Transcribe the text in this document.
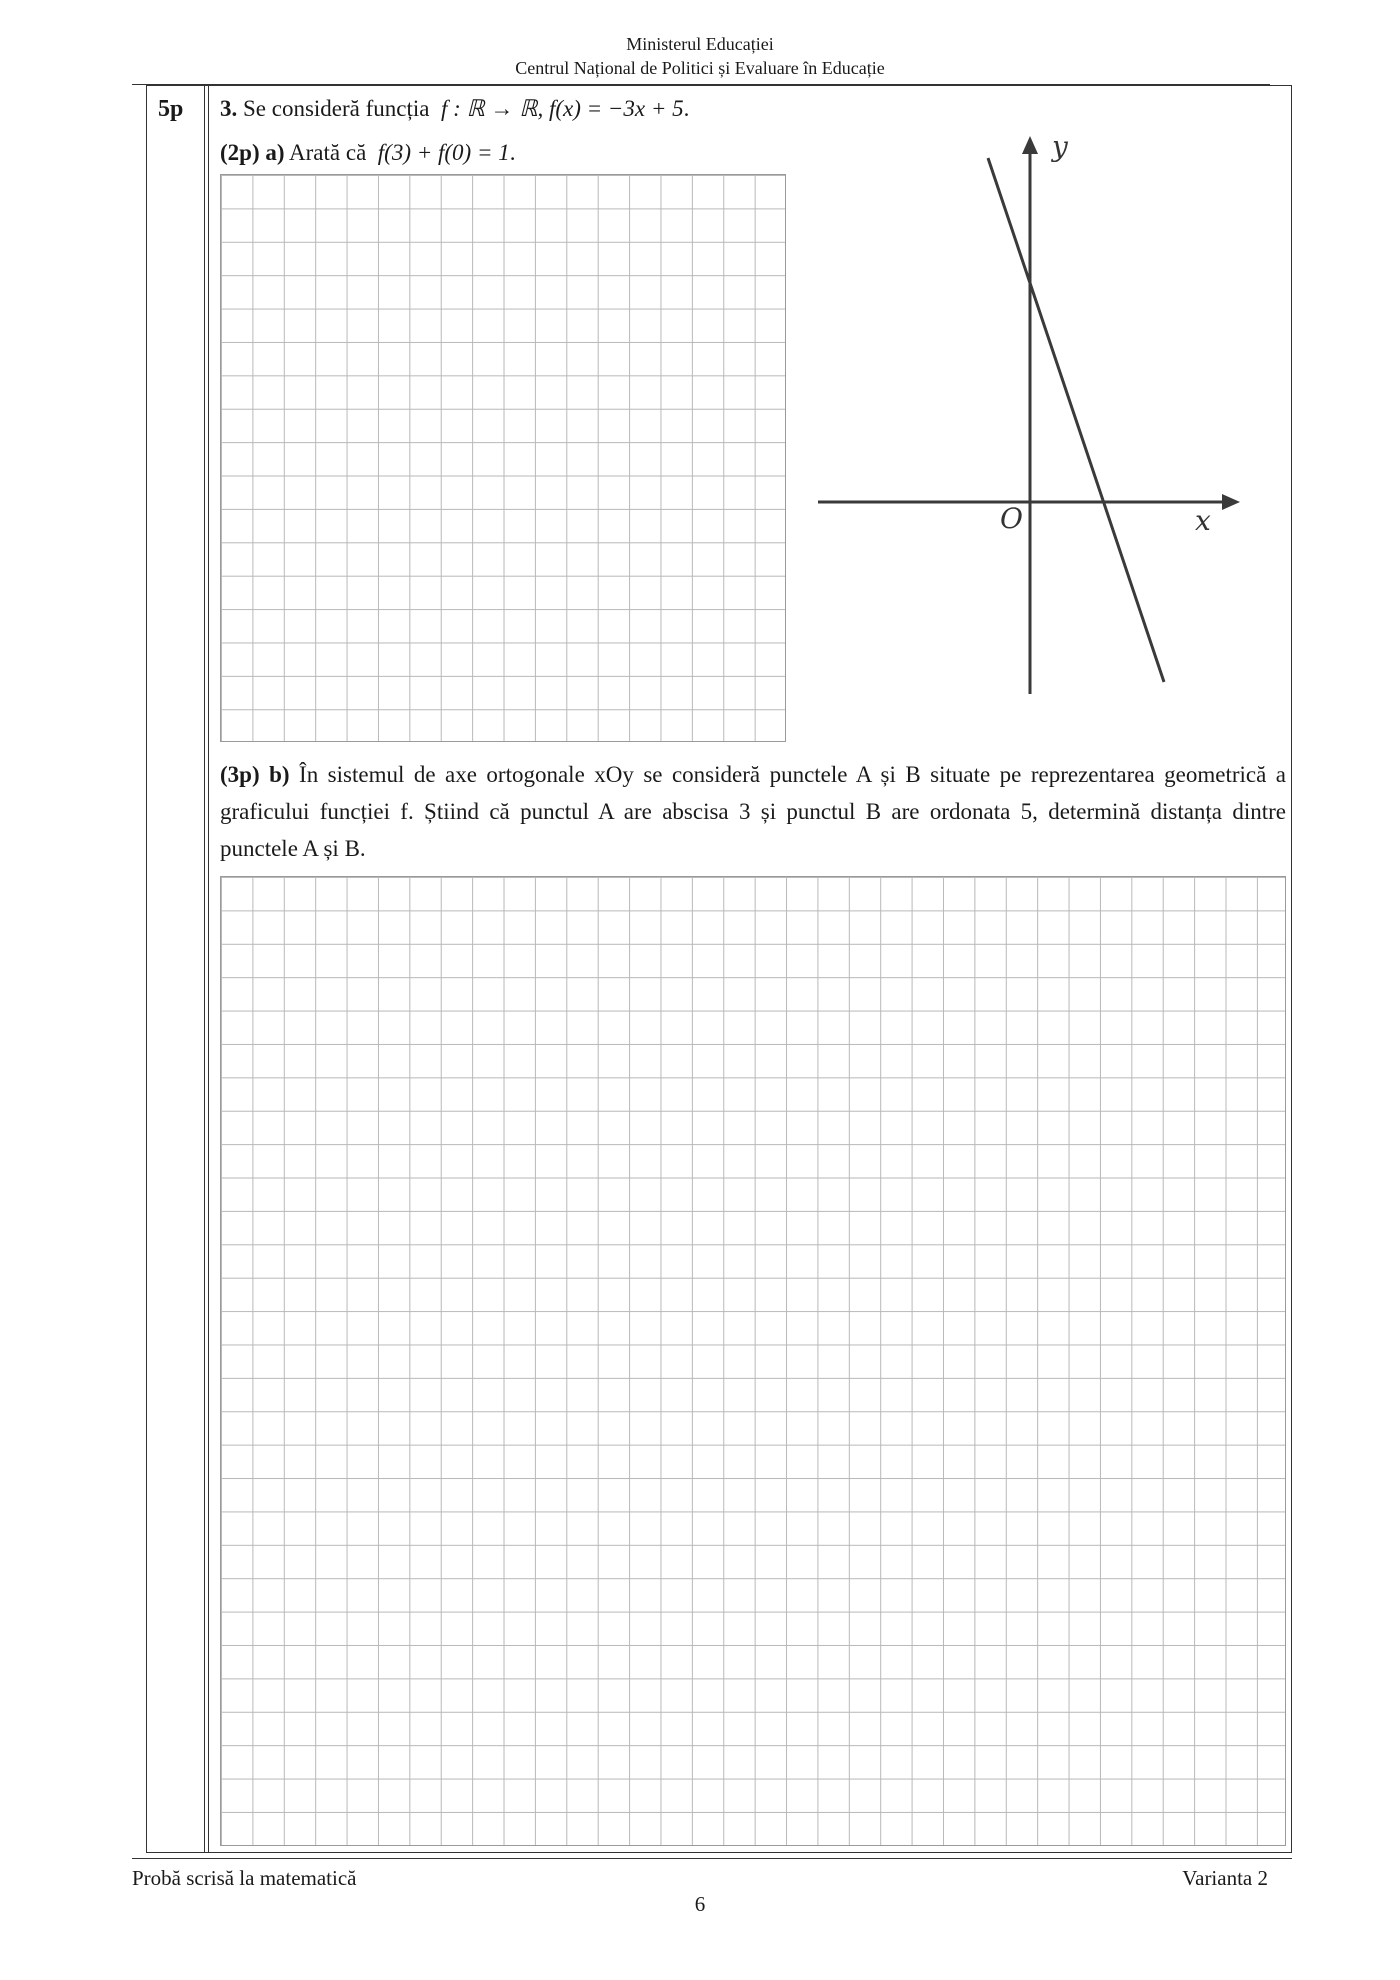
Ministerul Educației
Centrul Național de Politici și Evaluare în Educație
5p 3. Se consideră funcția f : ℝ → ℝ, f(x) = −3x + 5.
(2p) a) Arată că f(3) + f(0) = 1.	y
x
O
(3p) b) În sistemul de axe ortogonale xOy se consideră punctele A și B situate pe reprezentarea geometrică a graficului funcției f. Știind că punctul A are abscisa 3 și punctul B are ordonata 5, determină distanța dintre punctele A și B.
Probă scrisă la matematică	Varianta 2
6
